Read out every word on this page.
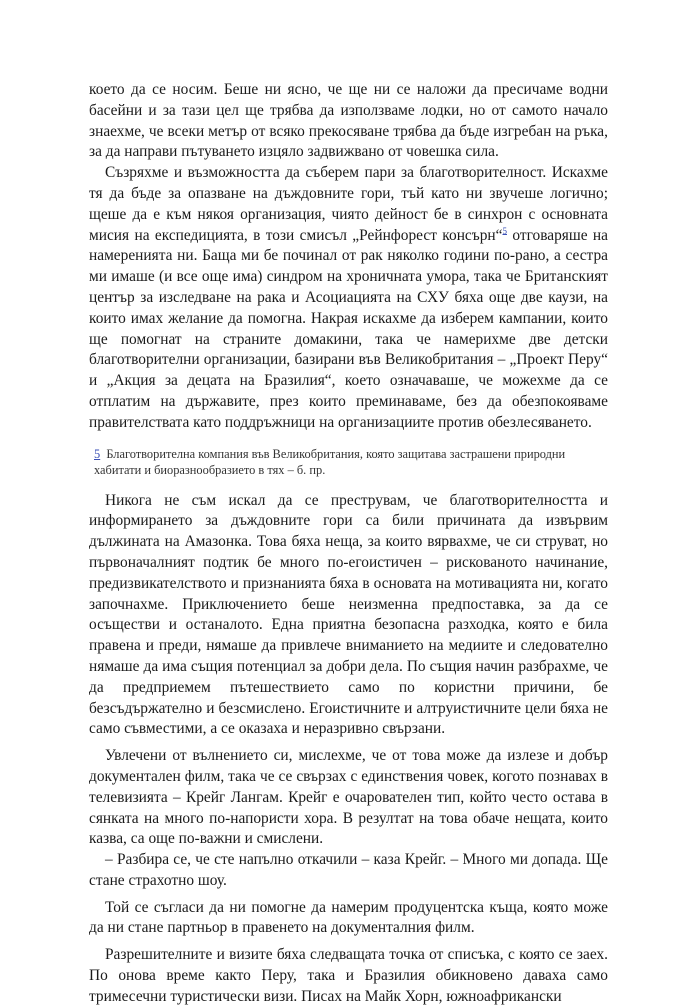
което да се носим. Беше ни ясно, че ще ни се наложи да пресичаме водни басейни и за тази цел ще трябва да използваме лодки, но от самото начало знаехме, че всеки метър от всяко прекосяване трябва да бъде изгребан на ръка, за да направи пътуването изцяло задвижвано от човешка сила.

Съзряхме и възможността да съберем пари за благотворителност. Искахме тя да бъде за опазване на дъждовните гори, тъй като ни звучеше логично; щеше да е към някоя организация, чиято дейност бе в синхрон с основната мисия на експедицията, в този смисъл „Рейнфорест консърн“$^5$ отговаряше на намеренията ни. Баща ми бе починал от рак няколко години по-рано, а сестра ми имаше (и все още има) синдром на хроничната умора, така че Британският център за изследване на рака и Асоциацията на СХУ бяха още две каузи, на които имах желание да помогна. Накрая искахме да изберем кампании, които ще помогнат на страните домакини, така че намерихме две детски благотворителни организации, базирани във Великобритания – „Проект Перу“ и „Акция за децата на Бразилия“, което означаваше, че можехме да се отплатим на държавите, през които преминаваме, без да обезпокояваме правителствата като поддръжници на организациите против обезлесяването.

5 Благотворителна компания във Великобритания, която защитава застрашени природни хабитати и биоразнообразието в тях – б. пр.

Никога не съм искал да се преструвам, че благотворителността и информирането за дъждовните гори са били причината да извървим дължината на Амазонка. Това бяха неща, за които вярвахме, че си струват, но първоначалният подтик бе много по-егоистичен – рискованото начинание, предизвикателството и признанията бяха в основата на мотивацията ни, когато започнахме. Приключението беше неизменна предпоставка, за да се осъществи и останалото. Една приятна безопасна разходка, която е била правена и преди, нямаше да привлече вниманието на медиите и следователно нямаше да има същия потенциал за добри дела. По същия начин разбрахме, че да предприемем пътешествието само по користни причини, бе безсъдържателно и безсмислено. Егоистичните и алтруистичните цели бяха не само съвместими, а се оказаха и неразривно свързани.

Увлечени от вълнението си, мислехме, че от това може да излезе и добър документален филм, така че се свързах с единствения човек, когото познавах в телевизията – Крейг Лангам. Крейг е очарователен тип, който често остава в сянката на много по-напористи хора. В резултат на това обаче нещата, които казва, са още по-важни и смислени.

– Разбира се, че сте напълно откачили – каза Крейг. – Много ми допада. Ще стане страхотно шоу.

Той се съгласи да ни помогне да намерим продуцентска къща, която може да ни стане партньор в правенето на документалния филм.

Разрешителните и визите бяха следващата точка от списъка, с която се заех. По онова време както Перу, така и Бразилия обикновено даваха само тримесечни туристически визи. Писах на Майк Хорн, южноафрикански
